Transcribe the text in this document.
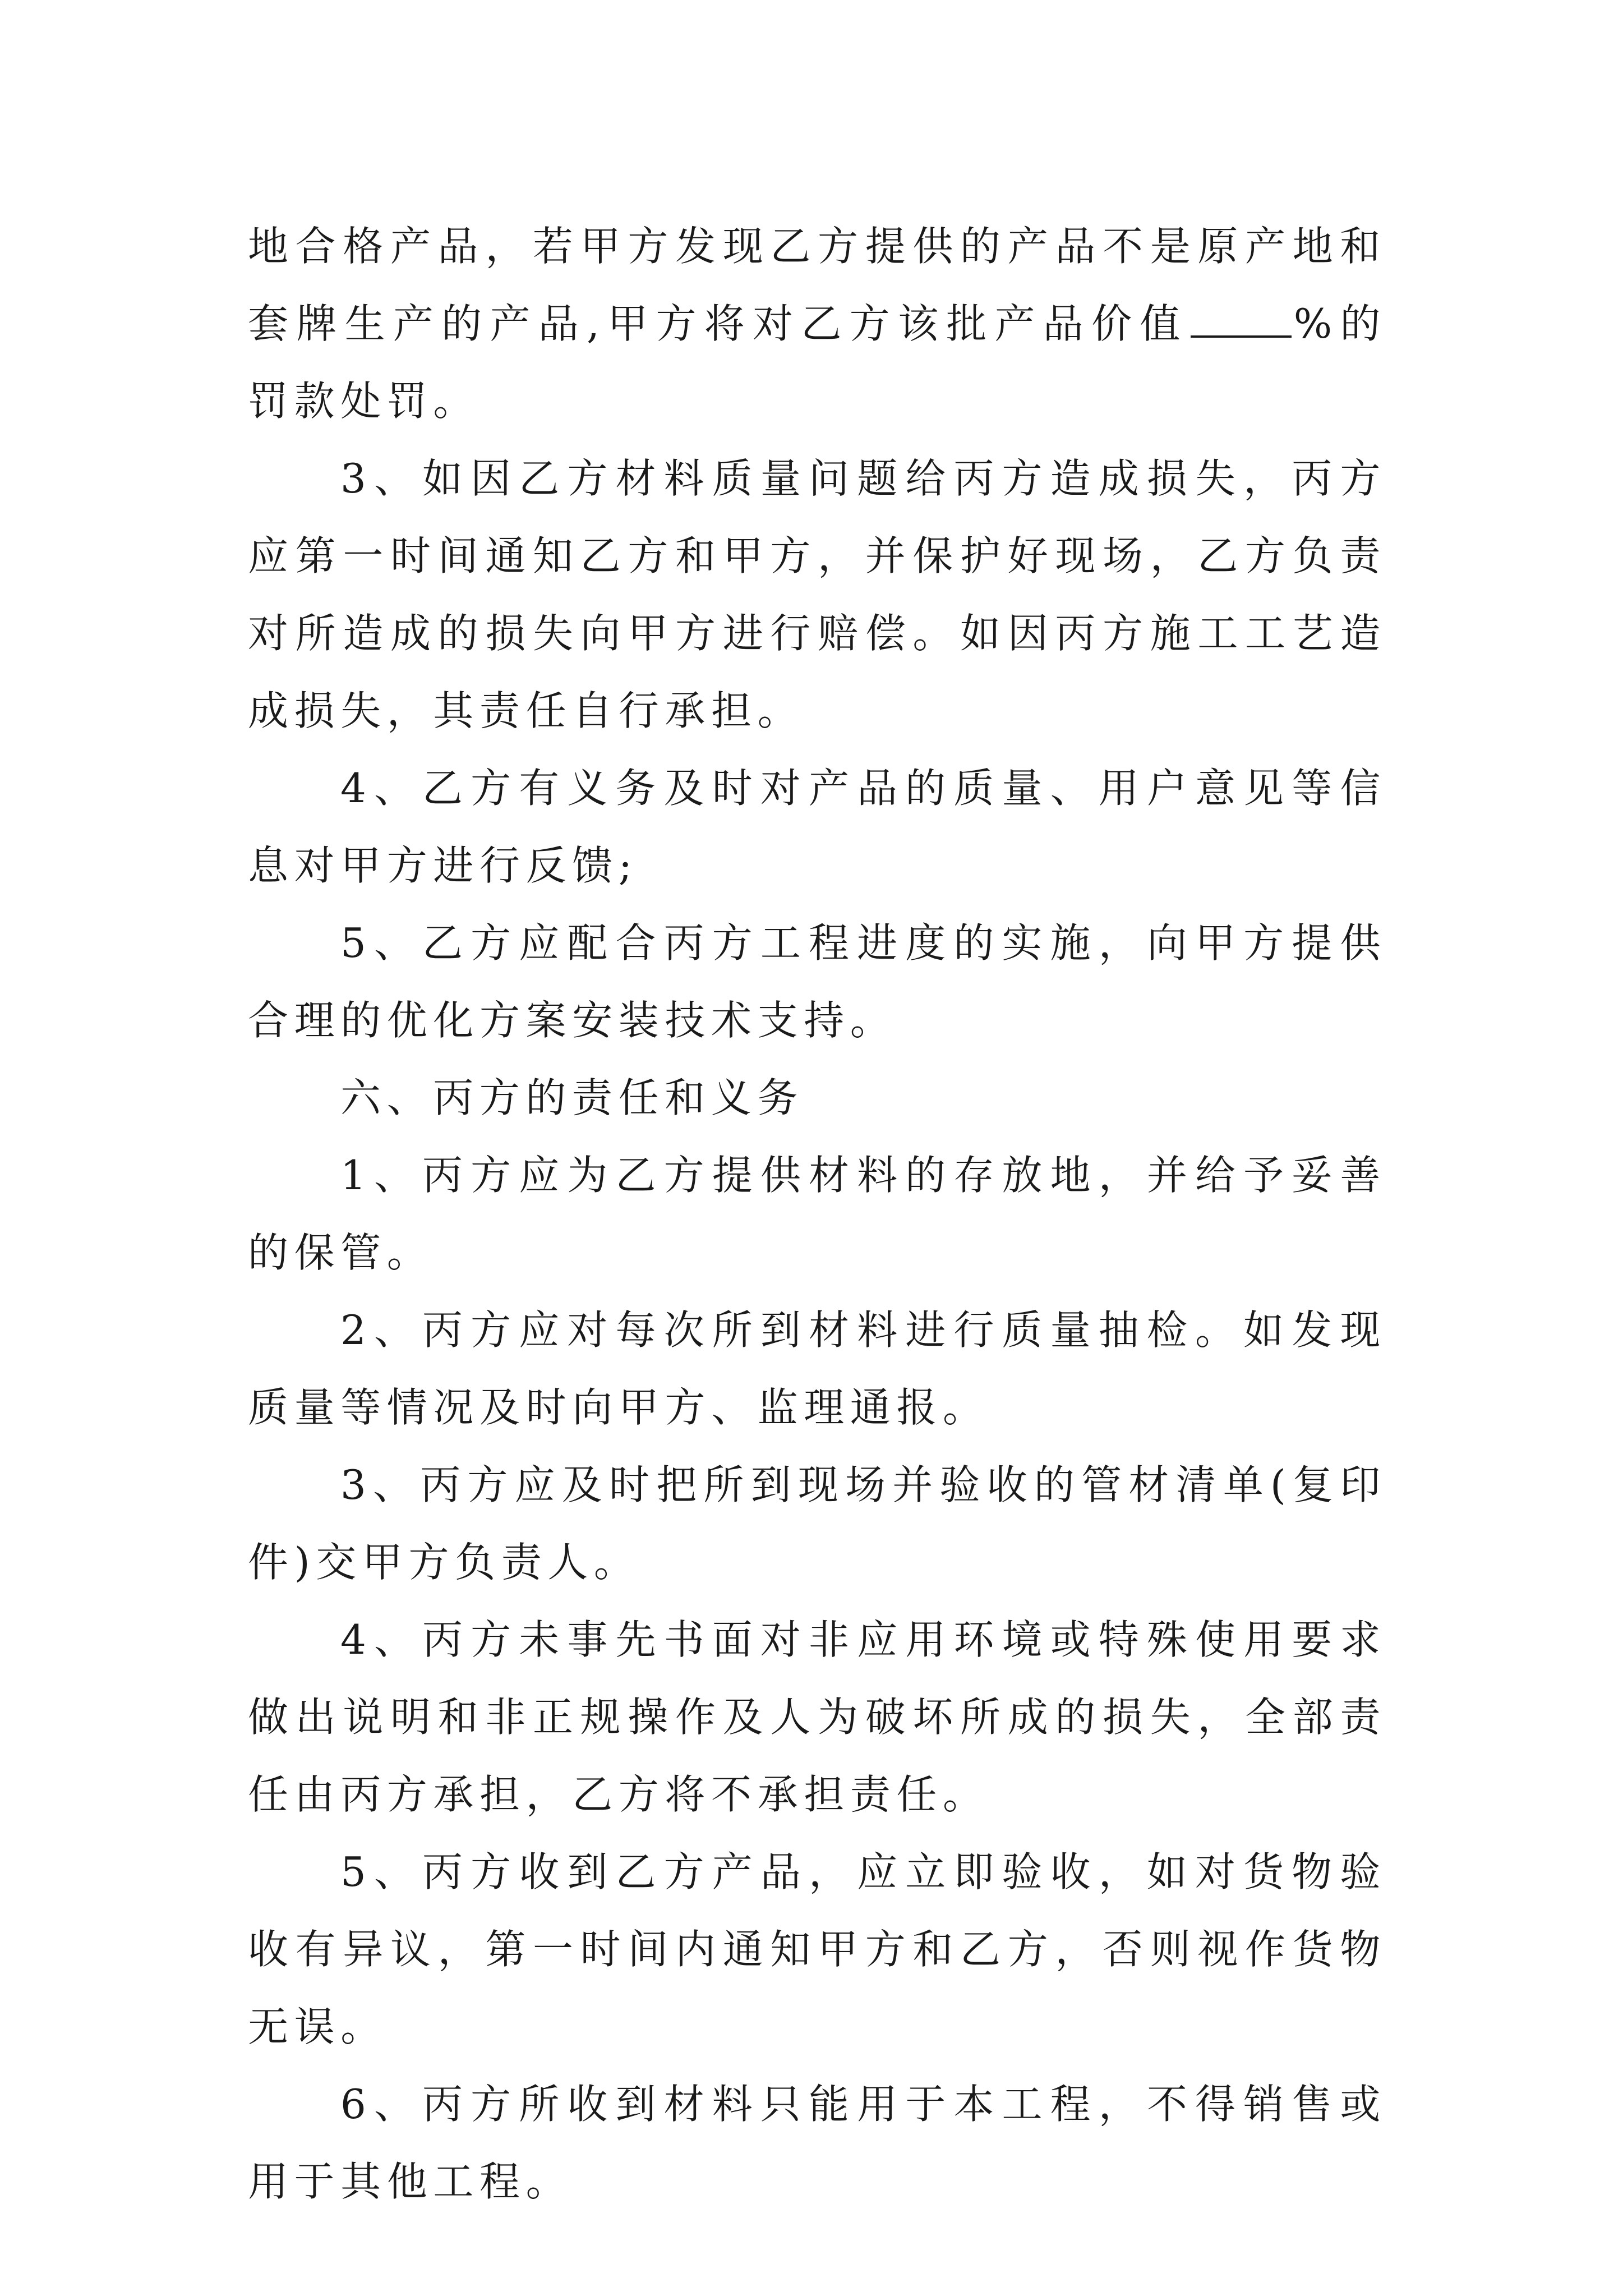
地合格产品，若甲方发现乙方提供的产品不是原产地和套牌生产的产品,甲方将对乙方该批产品价值	%的罚款处罚。

3、如因乙方材料质量问题给丙方造成损失，丙方应第一时间通知乙方和甲方，并保护好现场，乙方负责对所造成的损失向甲方进行赔偿。如因丙方施工工艺造成损失，其责任自行承担。

4、乙方有义务及时对产品的质量、用户意见等信息对甲方进行反馈;

5、乙方应配合丙方工程进度的实施，向甲方提供合理的优化方案安装技术支持。

六、丙方的责任和义务

1、丙方应为乙方提供材料的存放地，并给予妥善的保管。

2、丙方应对每次所到材料进行质量抽检。如发现质量等情况及时向甲方、监理通报。

3、丙方应及时把所到现场并验收的管材清单(复印件)交甲方负责人。

4、丙方未事先书面对非应用环境或特殊使用要求做出说明和非正规操作及人为破坏所成的损失，全部责任由丙方承担，乙方将不承担责任。

5、丙方收到乙方产品，应立即验收，如对货物验收有异议，第一时间内通知甲方和乙方，否则视作货物无误。

6、丙方所收到材料只能用于本工程，不得销售或用于其他工程。
